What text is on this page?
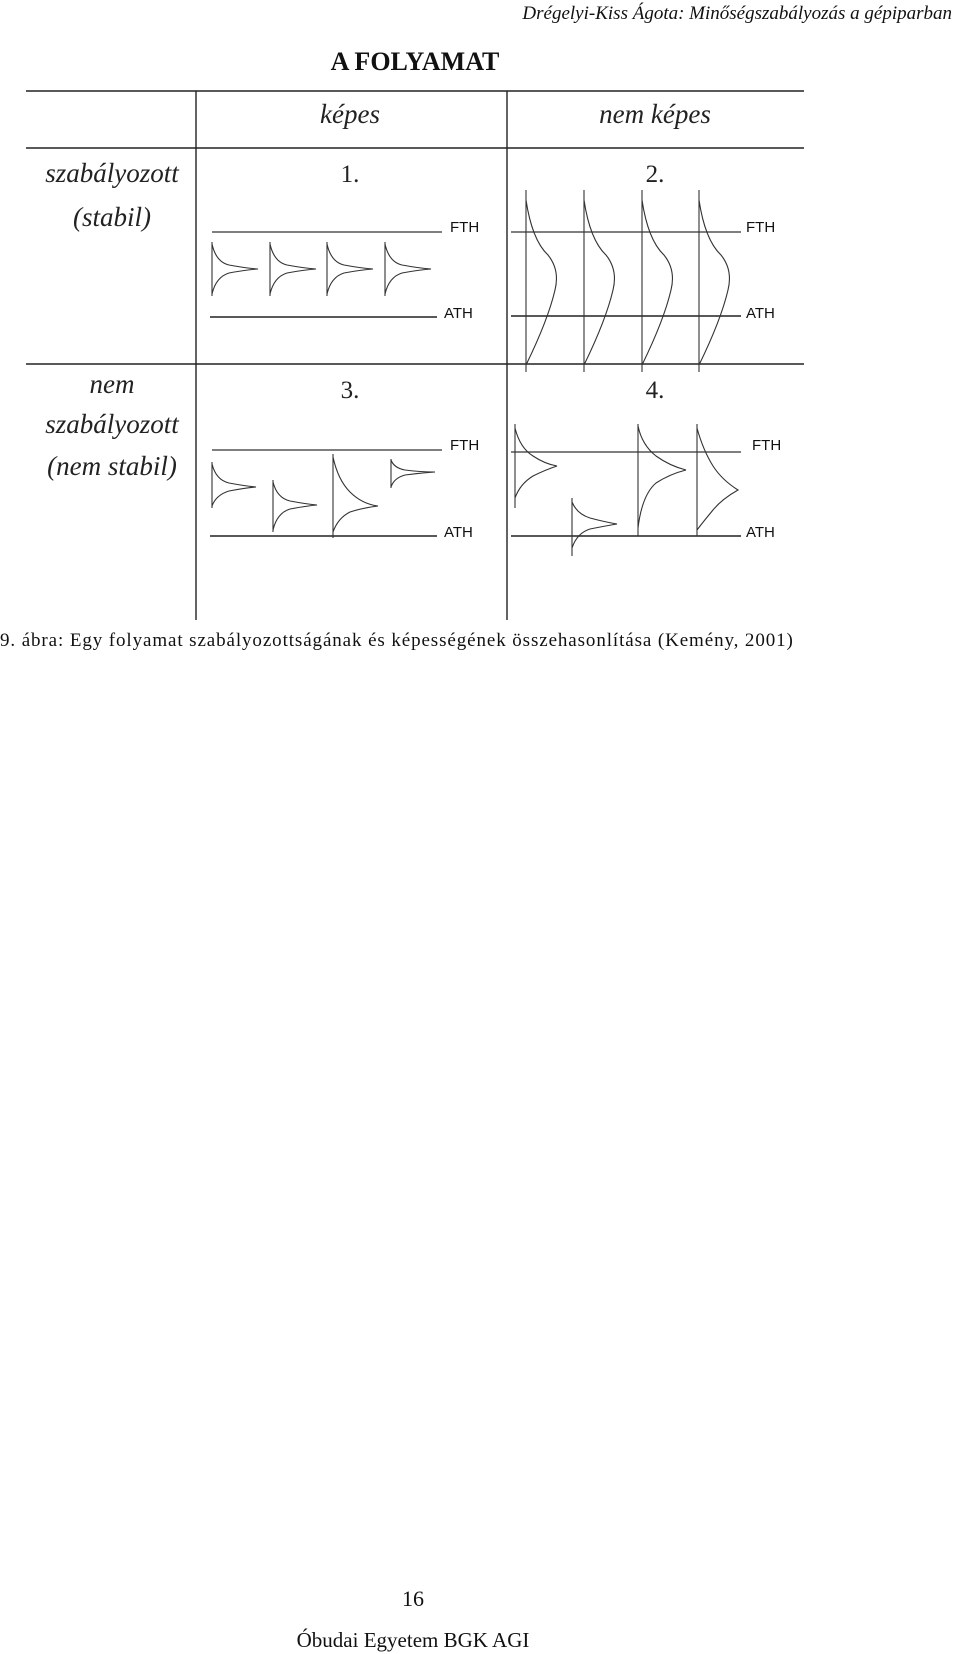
Drégelyi-Kiss Ágota: Minőségszabályozás a gépiparban
A FOLYAMAT
képes	nem képes
szabályozott
(stabil)
nem
szabályozott
(nem stabil)
1.
FTH
ATH
2.
FTH
ATH
3.
FTH
ATH
4.
FTH
ATH
9. ábra: Egy folyamat szabályozottságának és képességének összehasonlítása (Kemény, 2001)
16
Óbudai Egyetem BGK AGI
